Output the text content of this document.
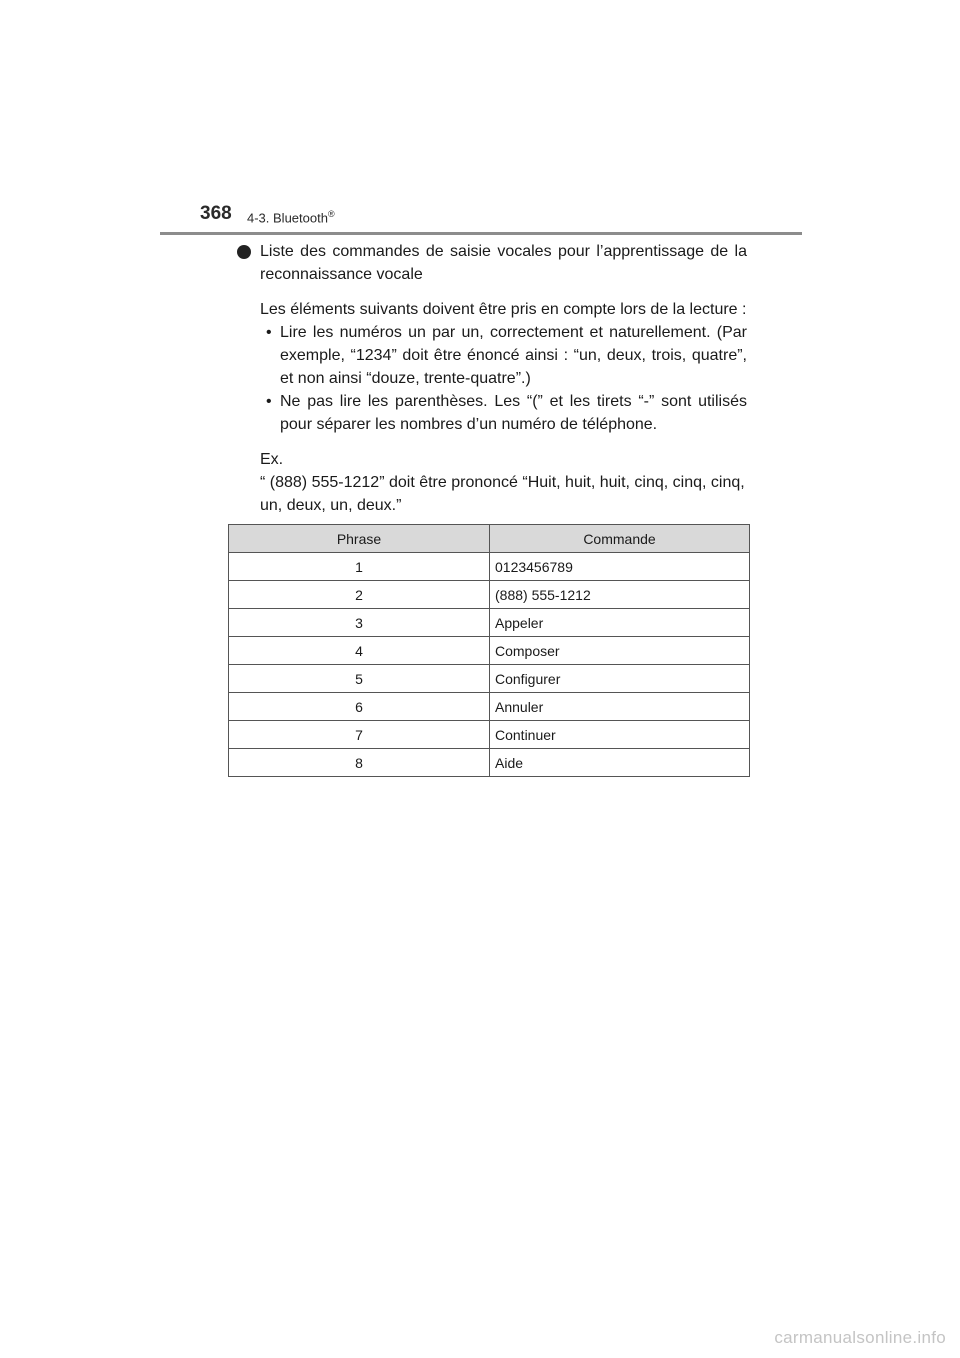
368 4-3. Bluetooth®
Liste des commandes de saisie vocales pour l’apprentissage de la reconnaissance vocale
Les éléments suivants doivent être pris en compte lors de la lecture :
• Lire les numéros un par un, correctement et naturellement. (Par exemple, “1234” doit être énoncé ainsi : “un, deux, trois, quatre”, et non ainsi “douze, trente-quatre”.)
• Ne pas lire les parenthèses. Les “(” et les tirets “-” sont utilisés pour séparer les nombres d’un numéro de téléphone.
Ex.
“ (888) 555-1212” doit être prononcé “Huit, huit, huit, cinq, cinq, cinq, un, deux, un, deux.”
Phrase	Commande
1	0123456789
2	(888) 555-1212
3	Appeler
4	Composer
5	Configurer
6	Annuler
7	Continuer
8	Aide
carmanualsonline.info
